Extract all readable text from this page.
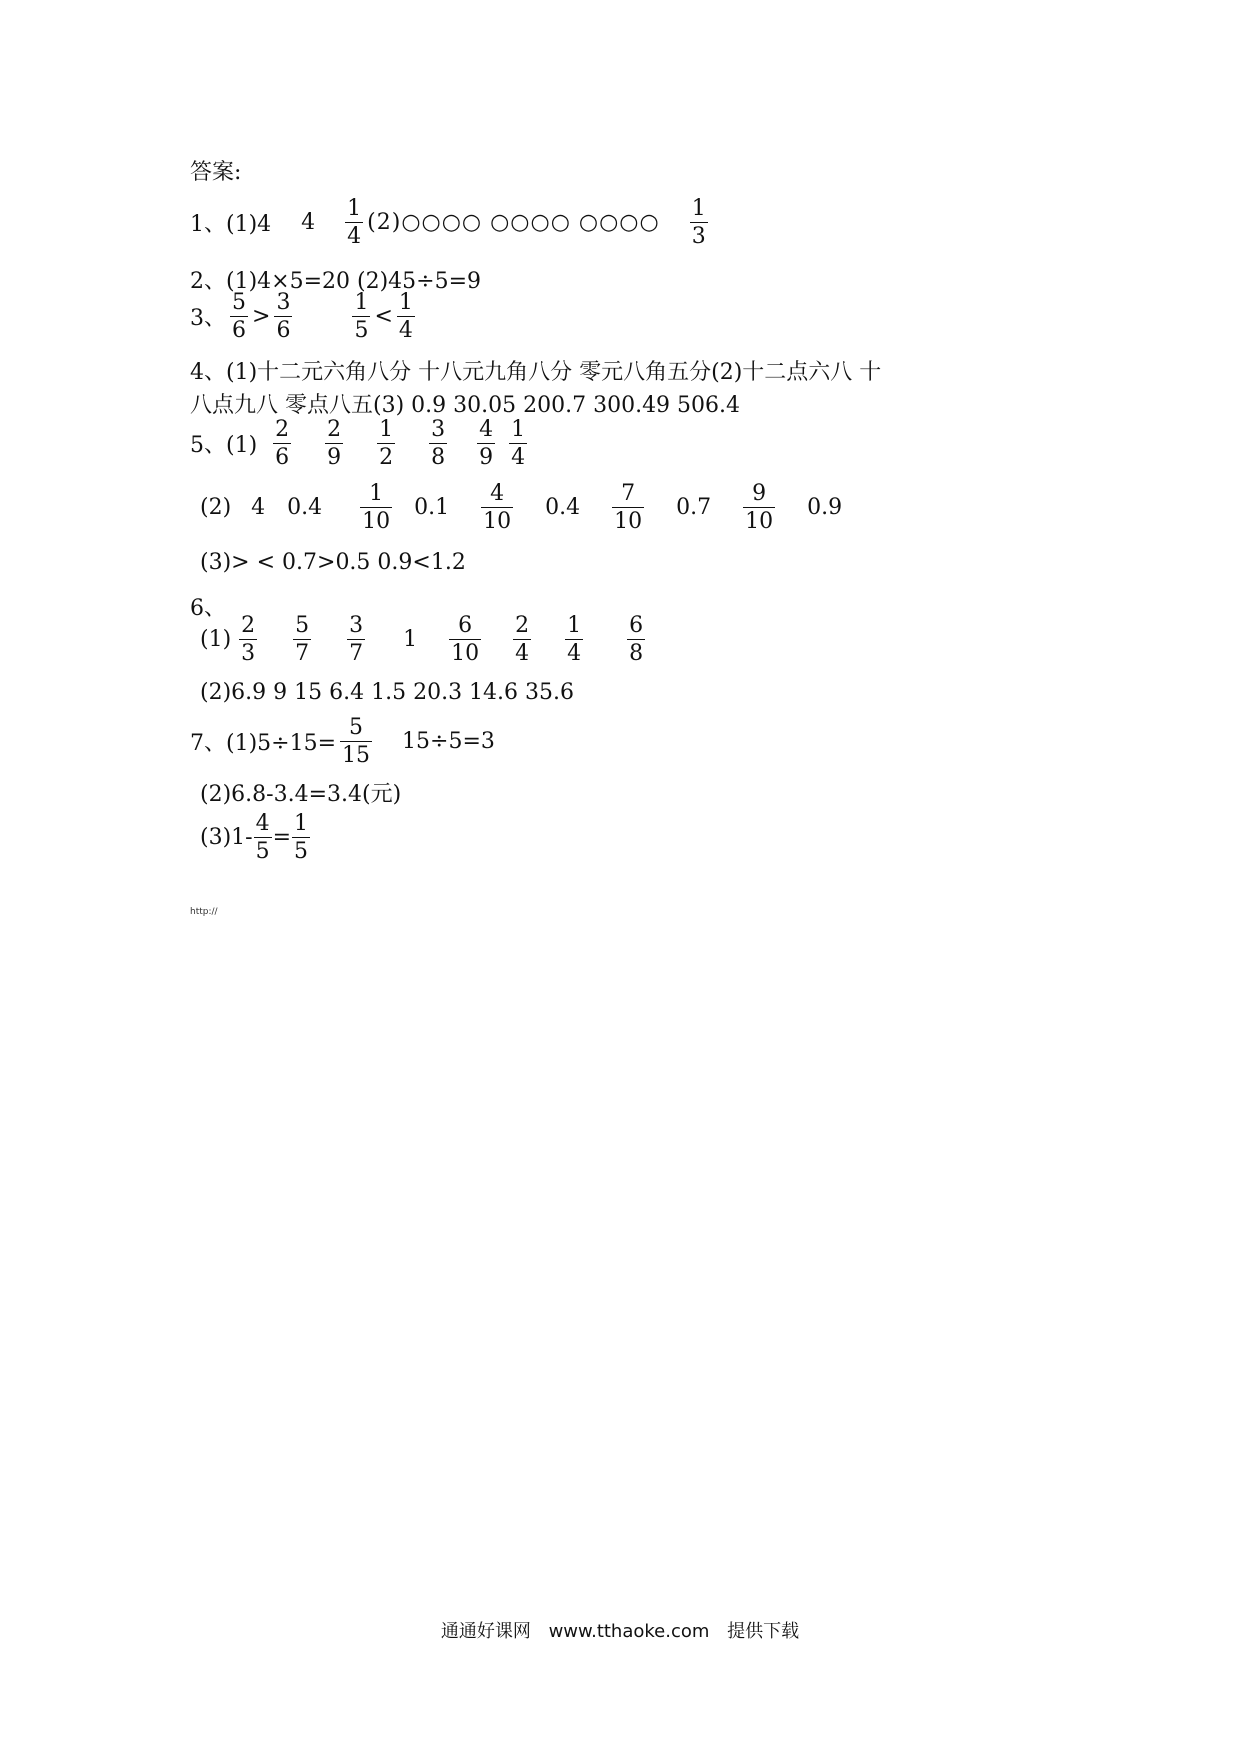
答案:
1、(1)4 $4 \frac{1}{4}$ (2)○○○○ ○○○○ ○○○○ $\frac{1}{3}$
2、(1)4×5=20 (2)45÷5=9
3、 $\frac{5}{6} > \frac{3}{6}$	$\frac{1}{5} < \frac{1}{4}$
4、(1)十二元六角八分 十八元九角八分 零元八角五分(2)十二点六八 十
八点九八 零点八五(3) 0.9 30.05 200.7 300.49 506.4
5、$(1) \frac{2}{6} \frac{2}{9} \frac{1}{2} \frac{3}{8} \frac{4}{9} \frac{1}{4}$
(2) 4 $0.4 \frac{1}{10} 0.1 \frac{4}{10} 0.4 \frac{7}{10} 0.7 \frac{9}{10} 0.9$
(3)> < 0.7>0.5 0.9<1.2
6、
$(1) \frac{2}{3} \frac{5}{7} \frac{3}{7} 1 \frac{6}{10} \frac{2}{4} \frac{1}{4} \frac{6}{8}$
(2)6.9 9 15 6.4 1.5 20.3 14.6 35.6
7、$(1)5\div 15= \frac{5}{15} 15\div 5=3$
(2)6.8-3.4=3.4(元)
$(3)1- \frac{4}{5} = \frac{1}{5}$
http://
通通好课网 www.tthaoke.com 提供下载
